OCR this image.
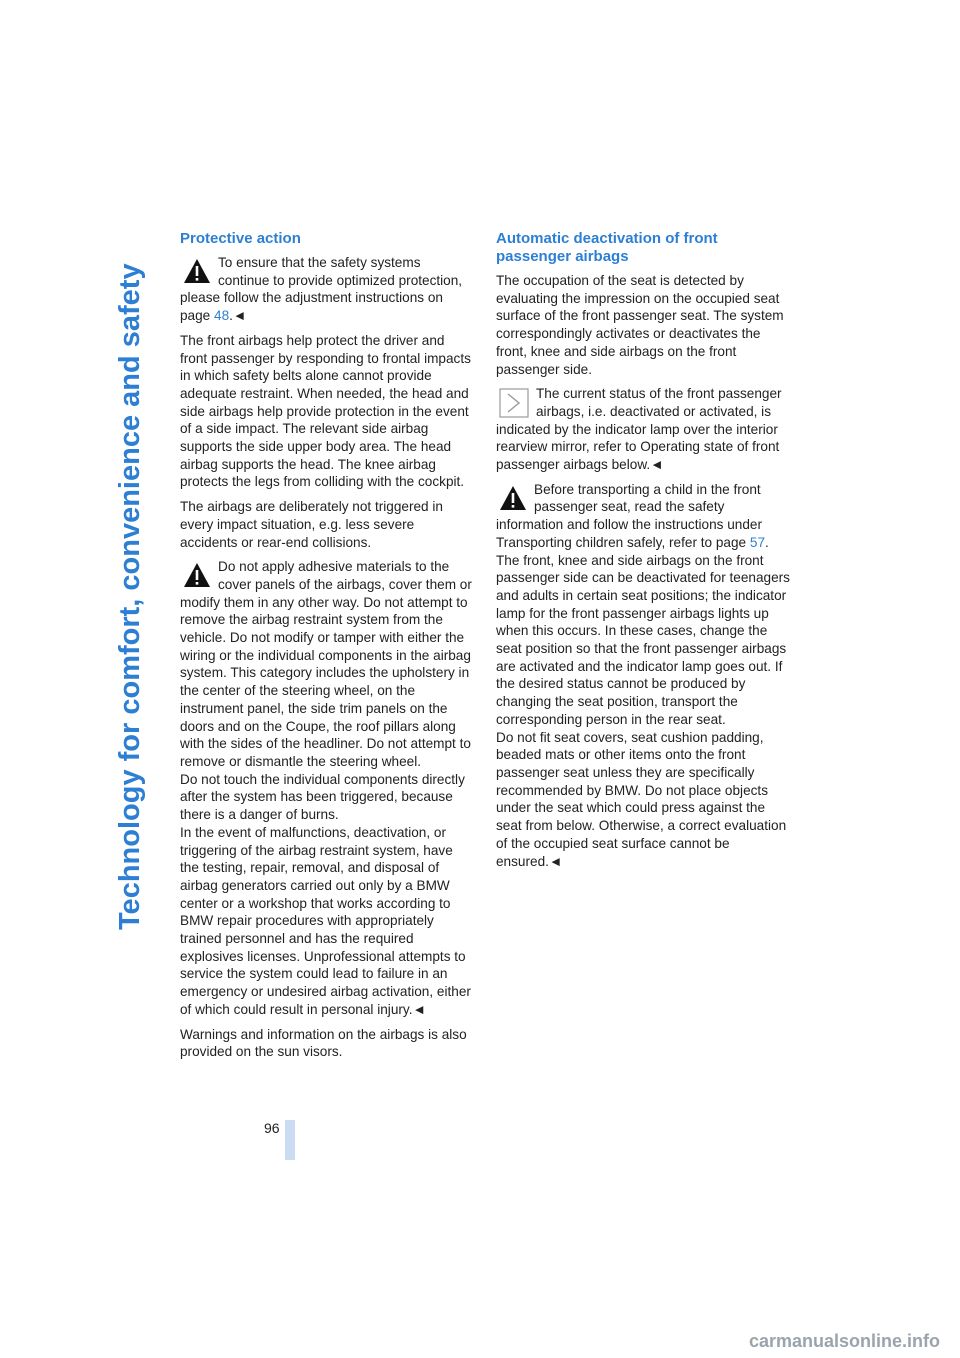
Technology for comfort, convenience and safety
Protective action
To ensure that the safety systems continue to provide optimized protection, please follow the adjustment instructions on page 48.◄

The front airbags help protect the driver and front passenger by responding to frontal impacts in which safety belts alone cannot provide adequate restraint. When needed, the head and side airbags help provide protection in the event of a side impact. The relevant side airbag supports the side upper body area. The head airbag supports the head. The knee airbag protects the legs from colliding with the cockpit.

The airbags are deliberately not triggered in every impact situation, e.g. less severe accidents or rear-end collisions.

Do not apply adhesive materials to the cover panels of the airbags, cover them or modify them in any other way. Do not attempt to remove the airbag restraint system from the vehicle. Do not modify or tamper with either the wiring or the individual components in the airbag system. This category includes the upholstery in the center of the steering wheel, on the instrument panel, the side trim panels on the doors and on the Coupe, the roof pillars along with the sides of the headliner. Do not attempt to remove or dismantle the steering wheel.

Do not touch the individual components directly after the system has been triggered, because there is a danger of burns.

In the event of malfunctions, deactivation, or triggering of the airbag restraint system, have the testing, repair, removal, and disposal of airbag generators carried out only by a BMW center or a workshop that works according to BMW repair procedures with appropriately trained personnel and has the required explosives licenses. Unprofessional attempts to service the system could lead to failure in an emergency or undesired airbag activation, either of which could result in personal injury.◄

Warnings and information on the airbags is also provided on the sun visors.

Automatic deactivation of front passenger airbags

The occupation of the seat is detected by evaluating the impression on the occupied seat surface of the front passenger seat. The system correspondingly activates or deactivates the front, knee and side airbags on the front passenger side.

The current status of the front passenger airbags, i.e. deactivated or activated, is indicated by the indicator lamp over the interior rearview mirror, refer to Operating state of front passenger airbags below.◄
Before transporting a child in the front passenger seat, read the safety information and follow the instructions under Transporting children safely, refer to page 57.

The front, knee and side airbags on the front passenger side can be deactivated for teenagers and adults in certain seat positions; the indicator lamp for the front passenger airbags lights up when this occurs. In these cases, change the seat position so that the front passenger airbags are activated and the indicator lamp goes out. If the desired status cannot be produced by changing the seat position, transport the corresponding person in the rear seat.

Do not fit seat covers, seat cushion padding, beaded mats or other items onto the front passenger seat unless they are specifically recommended by BMW. Do not place objects under the seat which could press against the seat from below. Otherwise, a correct evaluation of the occupied seat surface cannot be ensured.◄

96
carmanualsonline.info
